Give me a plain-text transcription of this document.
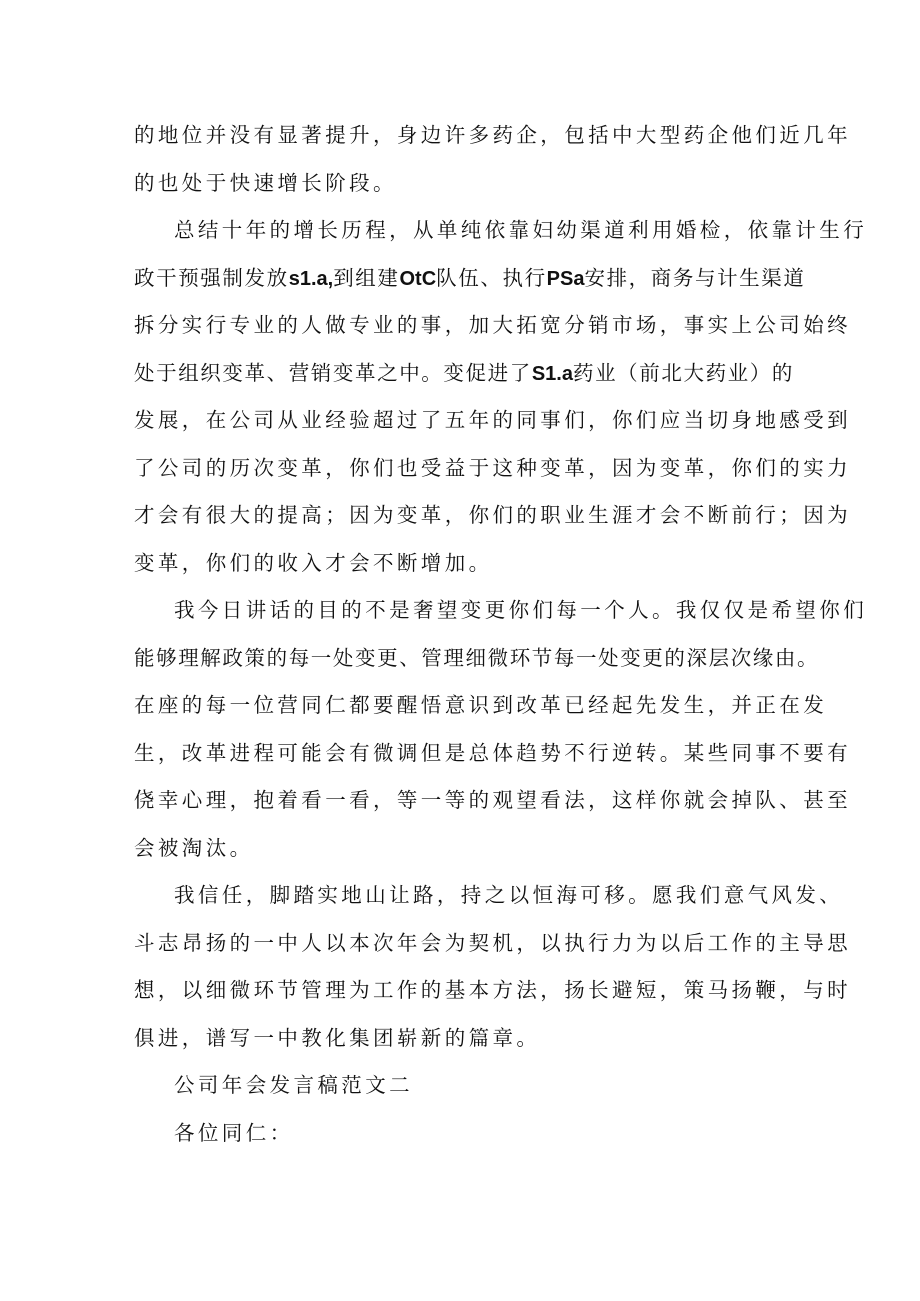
的地位并没有显著提升，身边许多药企，包括中大型药企他们近几年
的也处于快速增长阶段。
总结十年的增长历程，从单纯依靠妇幼渠道利用婚检，依靠计生行
政干预强制发放s1.a,到组建OtC队伍、执行PSa安排，商务与计生渠道
拆分实行专业的人做专业的事，加大拓宽分销市场，事实上公司始终
处于组织变革、营销变革之中。变促进了S1.a药业（前北大药业）的
发展，在公司从业经验超过了五年的同事们，你们应当切身地感受到
了公司的历次变革，你们也受益于这种变革，因为变革，你们的实力
才会有很大的提高；因为变革，你们的职业生涯才会不断前行；因为
变革，你们的收入才会不断增加。
我今日讲话的目的不是奢望变更你们每一个人。我仅仅是希望你们
能够理解政策的每一处变更、管理细微环节每一处变更的深层次缘由。
在座的每一位营同仁都要醒悟意识到改革已经起先发生，并正在发
生，改革进程可能会有微调但是总体趋势不行逆转。某些同事不要有
侥幸心理，抱着看一看，等一等的观望看法，这样你就会掉队、甚至
会被淘汰。
我信任，脚踏实地山让路，持之以恒海可移。愿我们意气风发、
斗志昂扬的一中人以本次年会为契机，以执行力为以后工作的主导思
想，以细微环节管理为工作的基本方法，扬长避短，策马扬鞭，与时
俱进，谱写一中教化集团崭新的篇章。
公司年会发言稿范文二
各位同仁：
